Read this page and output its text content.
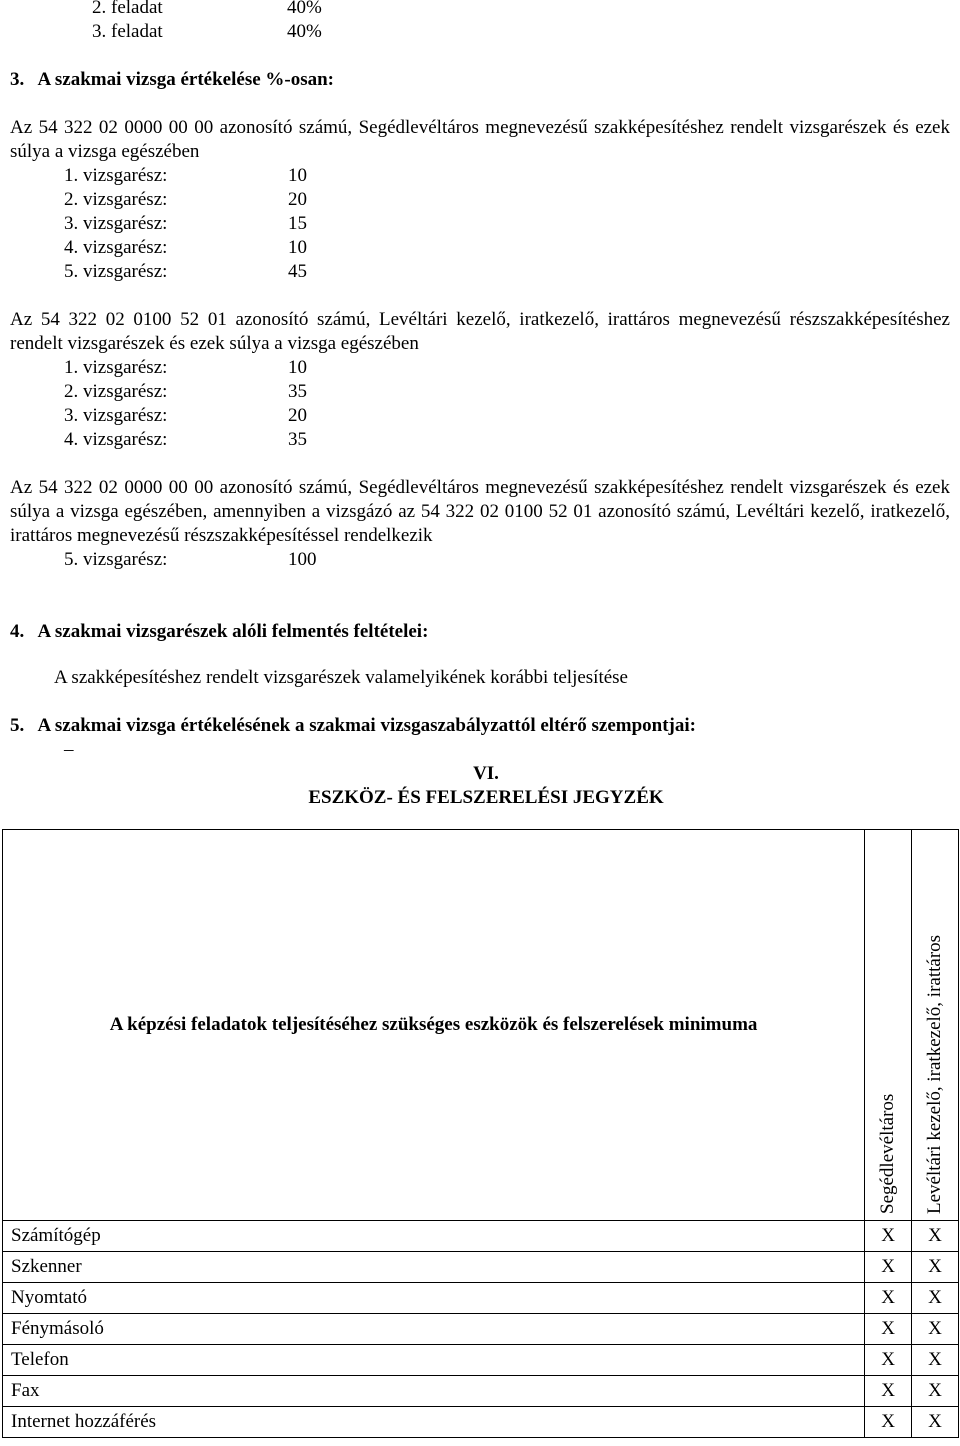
2. feladat	40%
3. feladat	40%
3.   A szakmai vizsga értékelése %-osan:
Az 54 322 02 0000 00 00 azonosító számú, Segédlevéltáros megnevezésű szakképesítéshez rendelt vizsgarészek és ezek súlya a vizsga egészében
1. vizsgarész:	10
2. vizsgarész:	20
3. vizsgarész:	15
4. vizsgarész:	10
5. vizsgarész:	45
Az 54 322 02 0100 52 01 azonosító számú, Levéltári kezelő, iratkezelő, irattáros megnevezésű részszakképesítéshez rendelt vizsgarészek és ezek súlya a vizsga egészében
1. vizsgarész:	10
2. vizsgarész:	35
3. vizsgarész:	20
4. vizsgarész:	35
Az 54 322 02 0000 00 00 azonosító számú, Segédlevéltáros megnevezésű szakképesítéshez rendelt vizsgarészek és ezek súlya a vizsga egészében, amennyiben a vizsgázó az 54 322 02 0100 52 01 azonosító számú, Levéltári kezelő, iratkezelő, irattáros megnevezésű részszakképesítéssel rendelkezik
5. vizsgarész:	100
4.   A szakmai vizsgarészek alóli felmentés feltételei:
A szakképesítéshez rendelt vizsgarészek valamelyikének korábbi teljesítése
5.   A szakmai vizsga értékelésének a szakmai vizsgaszabályzattól eltérő szempontjai:
–
VI.
ESZKÖZ- ÉS FELSZERELÉSI JEGYZÉK
A képzési feladatok teljesítéséhez szükséges eszközök és felszerelések minimuma	Segédlevéltáros	Levéltári kezelő, iratkezelő, irattáros

Számítógép	X	X
Szkenner	X	X
Nyomtató	X	X
Fénymásoló	X	X
Telefon	X	X
Fax	X	X
Internet hozzáférés	X	X
